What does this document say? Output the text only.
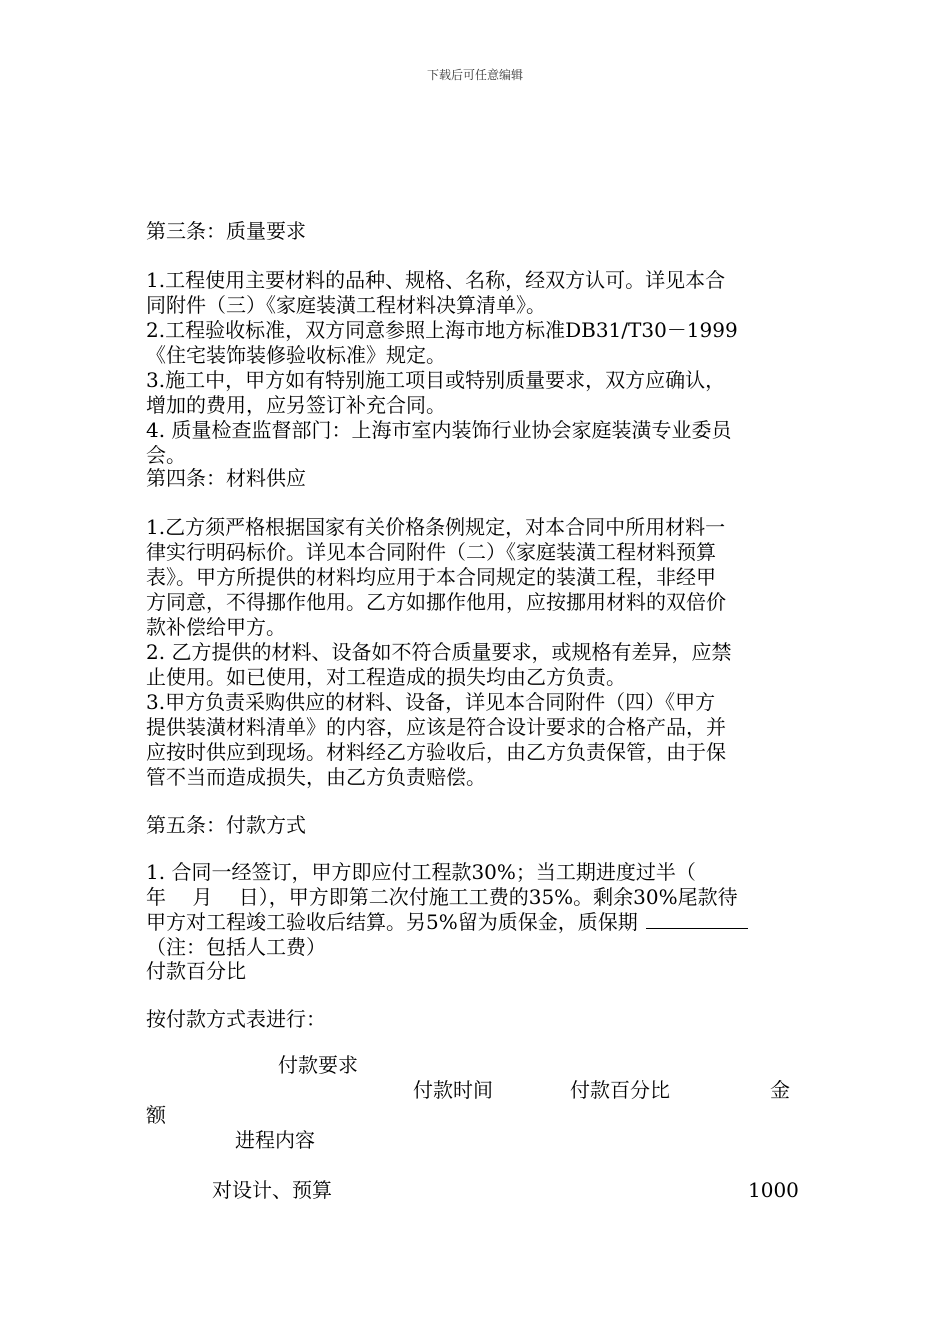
下载后可任意编辑
第三条：质量要求
1.工程使用主要材料的品种、规格、名称，经双方认可。详见本合
同附件（三）《家庭装潢工程材料决算清单》。
2.工程验收标准，双方同意参照上海市地方标准DB31/T30－1999
《住宅装饰装修验收标准》规定。
3.施工中，甲方如有特别施工项目或特别质量要求，双方应确认，
增加的费用，应另签订补充合同。
4. 质量检查监督部门：上海市室内装饰行业协会家庭装潢专业委员
会。
第四条：材料供应
1.乙方须严格根据国家有关价格条例规定，对本合同中所用材料一
律实行明码标价。详见本合同附件（二）《家庭装潢工程材料预算
表》。甲方所提供的材料均应用于本合同规定的装潢工程，非经甲
方同意，不得挪作他用。乙方如挪作他用，应按挪用材料的双倍价
款补偿给甲方。
2. 乙方提供的材料、设备如不符合质量要求，或规格有差异，应禁
止使用。如已使用，对工程造成的损失均由乙方负责。
3.甲方负责采购供应的材料、设备，详见本合同附件（四）《甲方
提供装潢材料清单》的内容，应该是符合设计要求的合格产品，并
应按时供应到现场。材料经乙方验收后，由乙方负责保管，由于保
管不当而造成损失，由乙方负责赔偿。
第五条：付款方式
1. 合同一经签订，甲方即应付工程款30%；当工期进度过半（
年　 月　 日），甲方即第二次付施工工费的35%。剩余30%尾款待
甲方对工程竣工验收后结算。另5%留为质保金，质保期
（注：包括人工费）
付款百分比
按付款方式表进行：
付款要求
付款时间	付款百分比	金
额
进程内容
对设计、预算	1000
